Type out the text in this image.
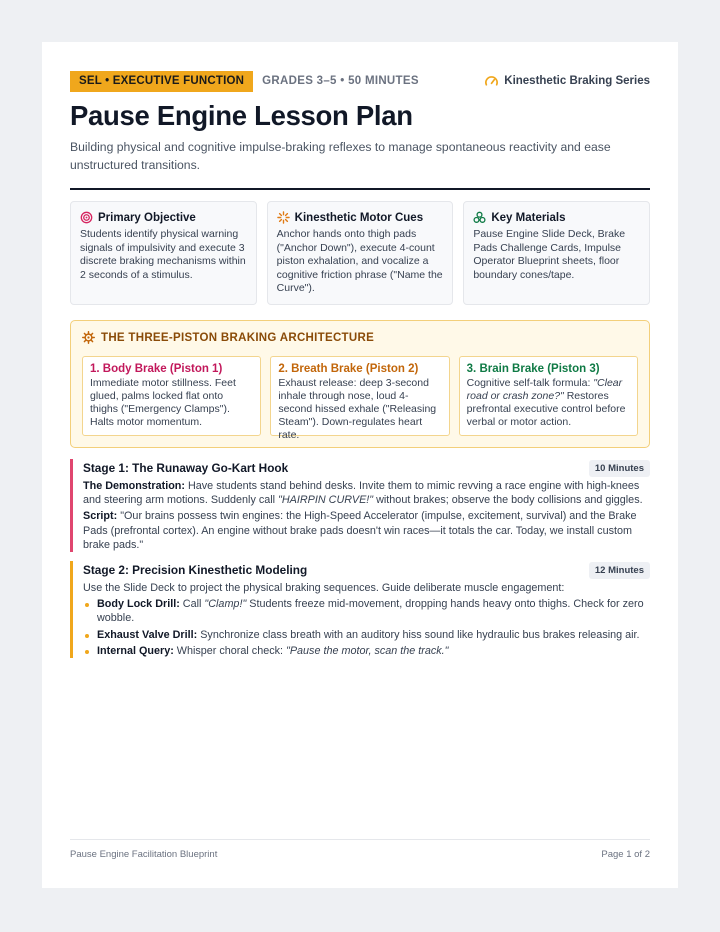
SEL • EXECUTIVE FUNCTION	GRADES 3–5 • 50 MINUTES	Kinesthetic Braking Series
Pause Engine Lesson Plan
Building physical and cognitive impulse-braking reflexes to manage spontaneous reactivity and ease unstructured transitions.
Primary Objective
Students identify physical warning signals of impulsivity and execute 3 discrete braking mechanisms within 2 seconds of a stimulus.
Kinesthetic Motor Cues
Anchor hands onto thigh pads ("Anchor Down"), execute 4-count piston exhalation, and vocalize a cognitive friction phrase ("Name the Curve").
Key Materials
Pause Engine Slide Deck, Brake Pads Challenge Cards, Impulse Operator Blueprint sheets, floor boundary cones/tape.
THE THREE-PISTON BRAKING ARCHITECTURE
1. Body Brake (Piston 1)
Immediate motor stillness. Feet glued, palms locked flat onto thighs ("Emergency Clamps"). Halts motor momentum.
2. Breath Brake (Piston 2)
Exhaust release: deep 3-second inhale through nose, loud 4-second hissed exhale ("Releasing Steam"). Down-regulates heart rate.
3. Brain Brake (Piston 3)
Cognitive self-talk formula: "Clear road or crash zone?" Restores prefrontal executive control before verbal or motor action.
Stage 1: The Runaway Go-Kart Hook	10 Minutes

The Demonstration: Have students stand behind desks. Invite them to mimic revving a race engine with high-knees and steering arm motions. Suddenly call "HAIRPIN CURVE!" without brakes; observe the body collisions and giggles.

Script: "Our brains possess twin engines: the High-Speed Accelerator (impulse, excitement, survival) and the Brake Pads (prefrontal cortex). An engine without brake pads doesn't win races—it totals the car. Today, we install custom brake pads."

Stage 2: Precision Kinesthetic Modeling	12 Minutes

Use the Slide Deck to project the physical braking sequences. Guide deliberate muscle engagement:

Body Lock Drill: Call "Clamp!" Students freeze mid-movement, dropping hands heavy onto thighs. Check for zero wobble.
Exhaust Valve Drill: Synchronize class breath with an auditory hiss sound like hydraulic bus brakes releasing air.
Internal Query: Whisper choral check: "Pause the motor, scan the track."
Pause Engine Facilitation Blueprint	Page 1 of 2
